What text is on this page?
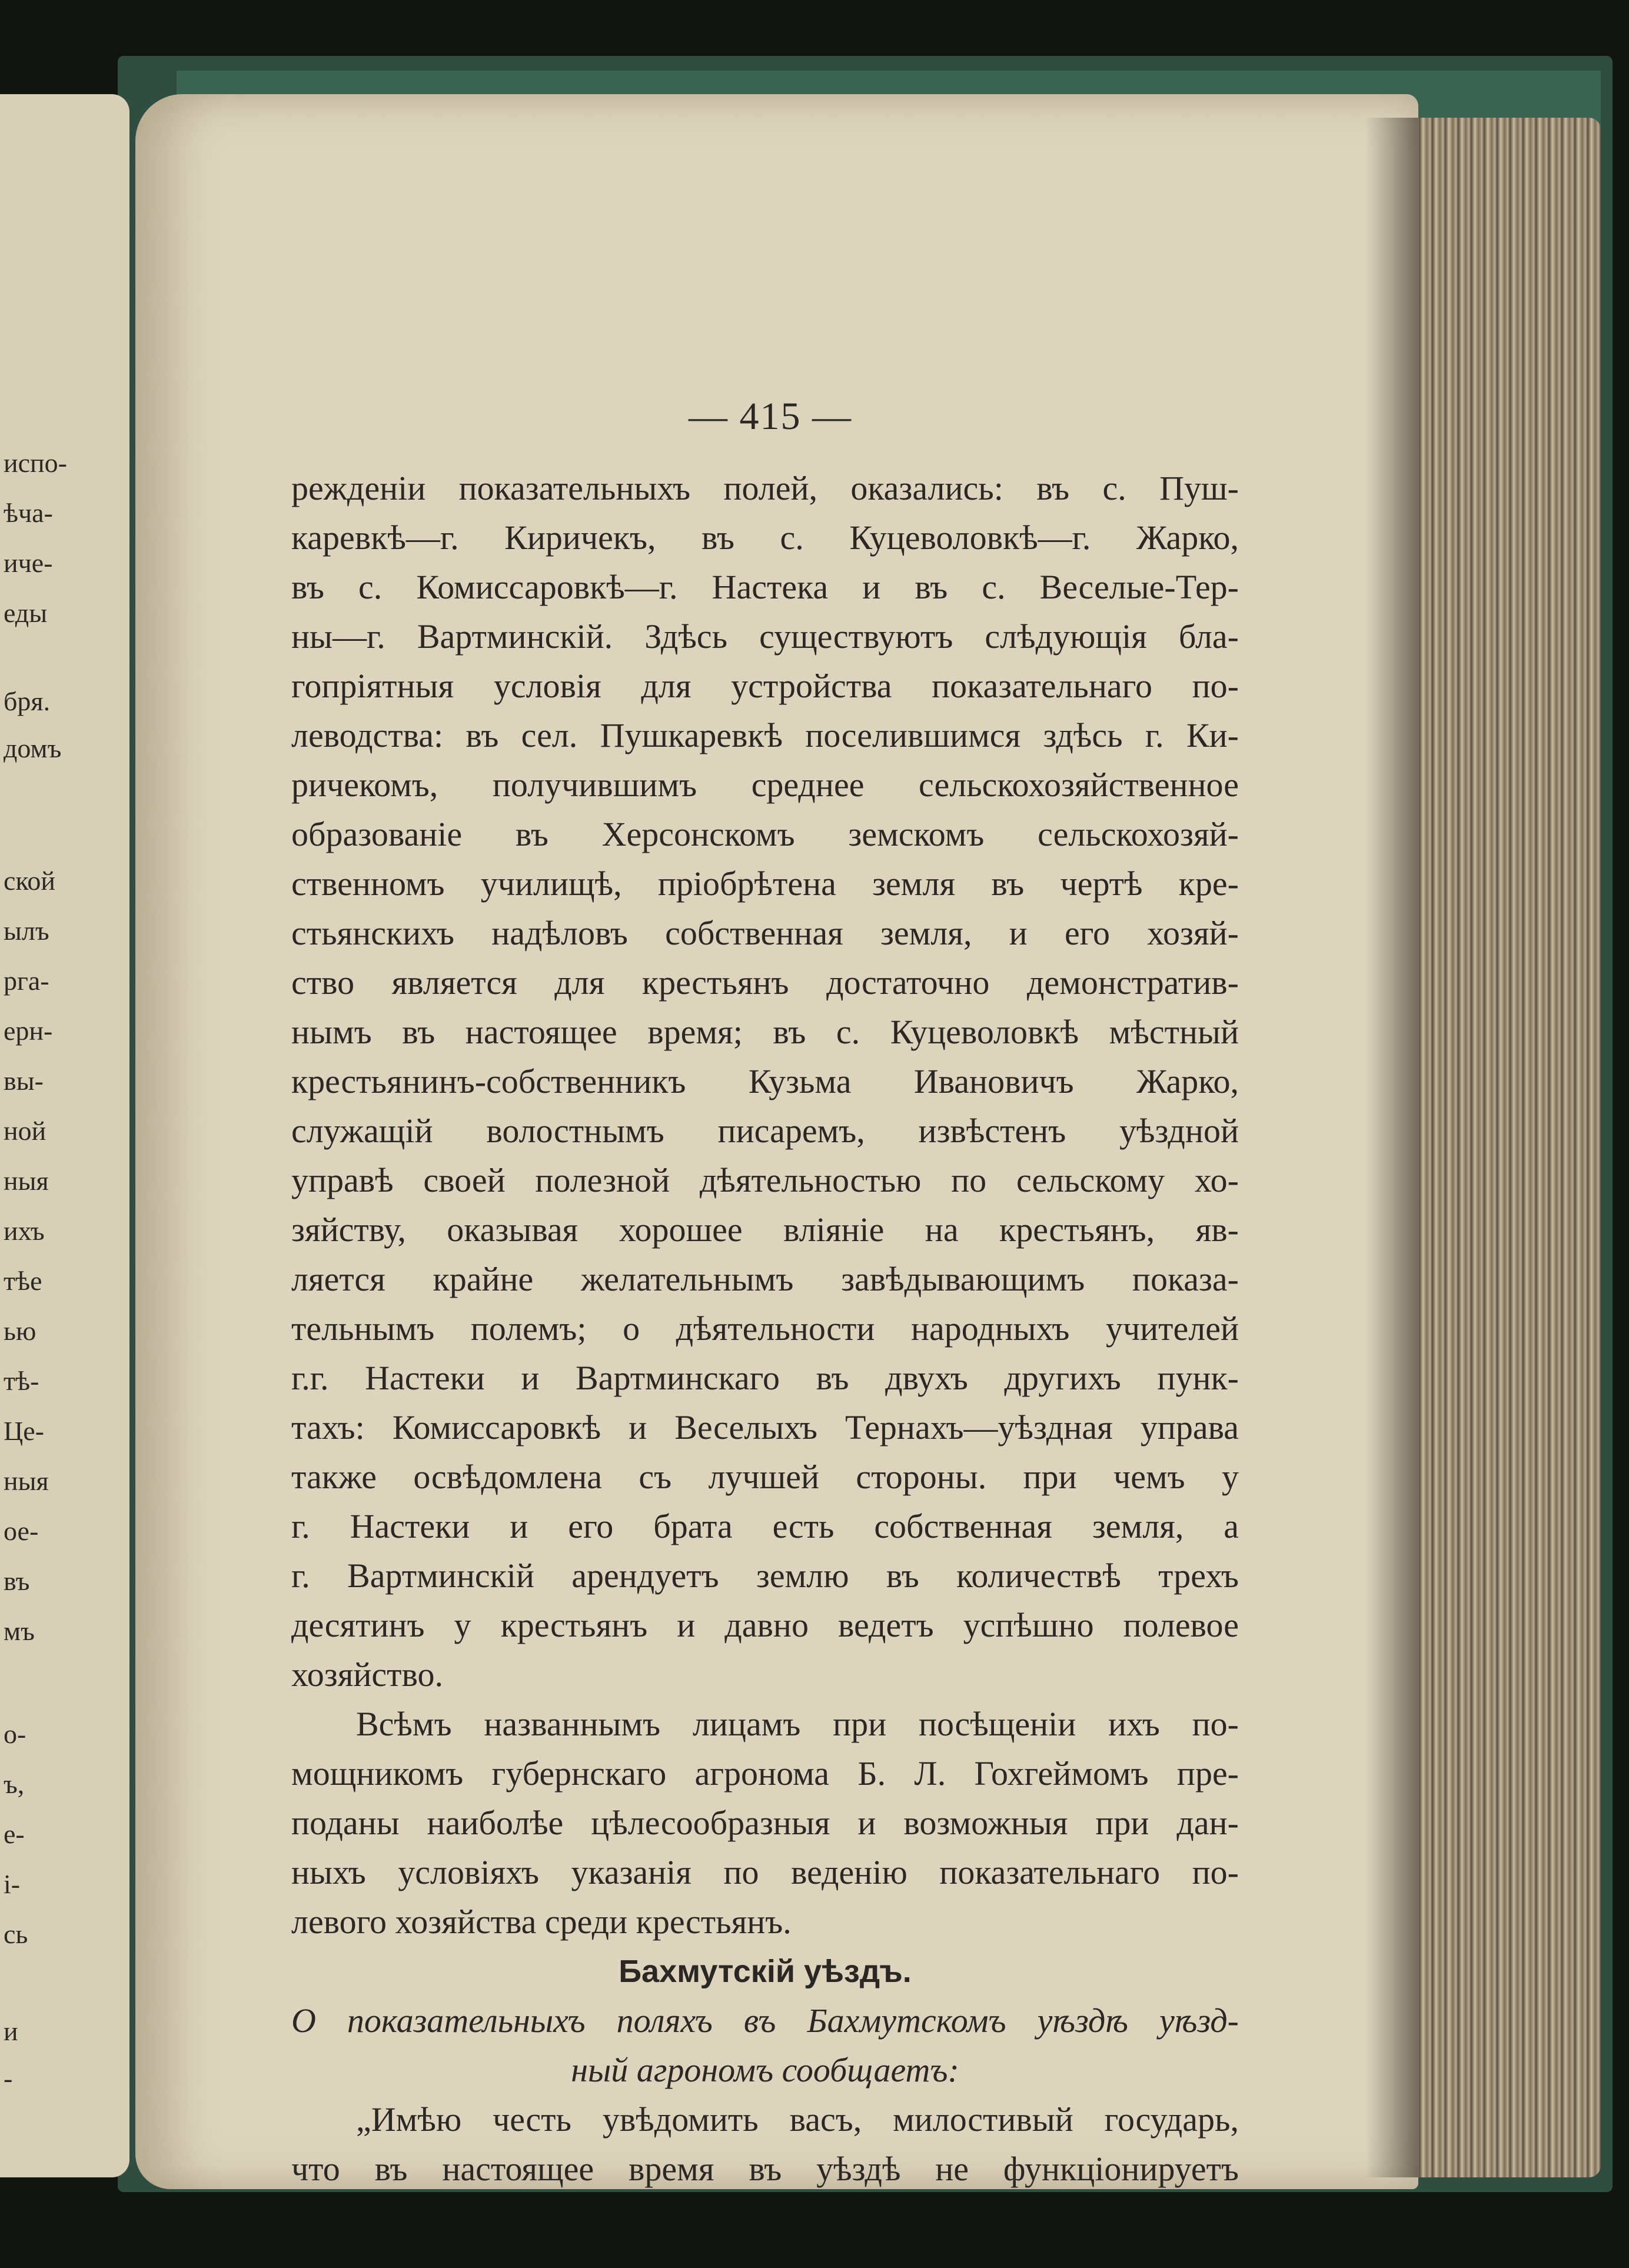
испо-
ѣча-
иче-
еды
бря.
домъ
ской
ылъ
рга-
ерн-
вы-
ной
ныя
ихъ
тѣе
ью
тѣ-
Це-
ныя
ое-
въ
мъ
о-
ъ,
е-
і-
сь
и
-
— 415 —
режденіи показательныхъ полей, оказались: въ с. Пуш-
каревкѣ—г. Киричекъ, въ с. Куцеволовкѣ—г. Жарко,
въ с. Комиссаровкѣ—г. Настека и въ с. Веселые-Тер-
ны—г. Вартминскій. Здѣсь существуютъ слѣдующія бла-
гопріятныя условія для устройства показательнаго по-
леводства: въ сел. Пушкаревкѣ поселившимся здѣсь г. Ки-
ричекомъ, получившимъ среднее сельскохозяйственное
образованіе въ Херсонскомъ земскомъ сельскохозяй-
ственномъ училищѣ, пріобрѣтена земля въ чертѣ кре-
стьянскихъ надѣловъ собственная земля, и его хозяй-
ство является для крестьянъ достаточно демонстратив-
нымъ въ настоящее время; въ с. Куцеволовкѣ мѣстный
крестьянинъ-собственникъ Кузьма Ивановичъ Жарко,
служащій волостнымъ писаремъ, извѣстенъ уѣздной
управѣ своей полезной дѣятельностью по сельскому хо-
зяйству, оказывая хорошее вліяніе на крестьянъ, яв-
ляется крайне желательнымъ завѣдывающимъ показа-
тельнымъ полемъ; о дѣятельности народныхъ учителей
г.г. Настеки и Вартминскаго въ двухъ другихъ пунк-
тахъ: Комиссаровкѣ и Веселыхъ Тернахъ—уѣздная управа
также освѣдомлена съ лучшей стороны. при чемъ у
г. Настеки и его брата есть собственная земля, а
г. Вартминскій арендуетъ землю въ количествѣ трехъ
десятинъ у крестьянъ и давно ведетъ успѣшно полевое
хозяйство.
Всѣмъ названнымъ лицамъ при посѣщеніи ихъ по-
мощникомъ губернскаго агронома Б. Л. Гохгеймомъ пре-
поданы наиболѣе цѣлесообразныя и возможныя при дан-
ныхъ условіяхъ указанія по веденію показательнаго по-
левого хозяйства среди крестьянъ.
Бахмутскій уѣздъ.
О показательныхъ поляхъ въ Бахмутскомъ уѣздѣ уѣзд-
ный агрономъ сообщаетъ:
„Имѣю честь увѣдомить васъ, милостивый государь,
что въ настоящее время въ уѣздѣ не функціонируетъ
